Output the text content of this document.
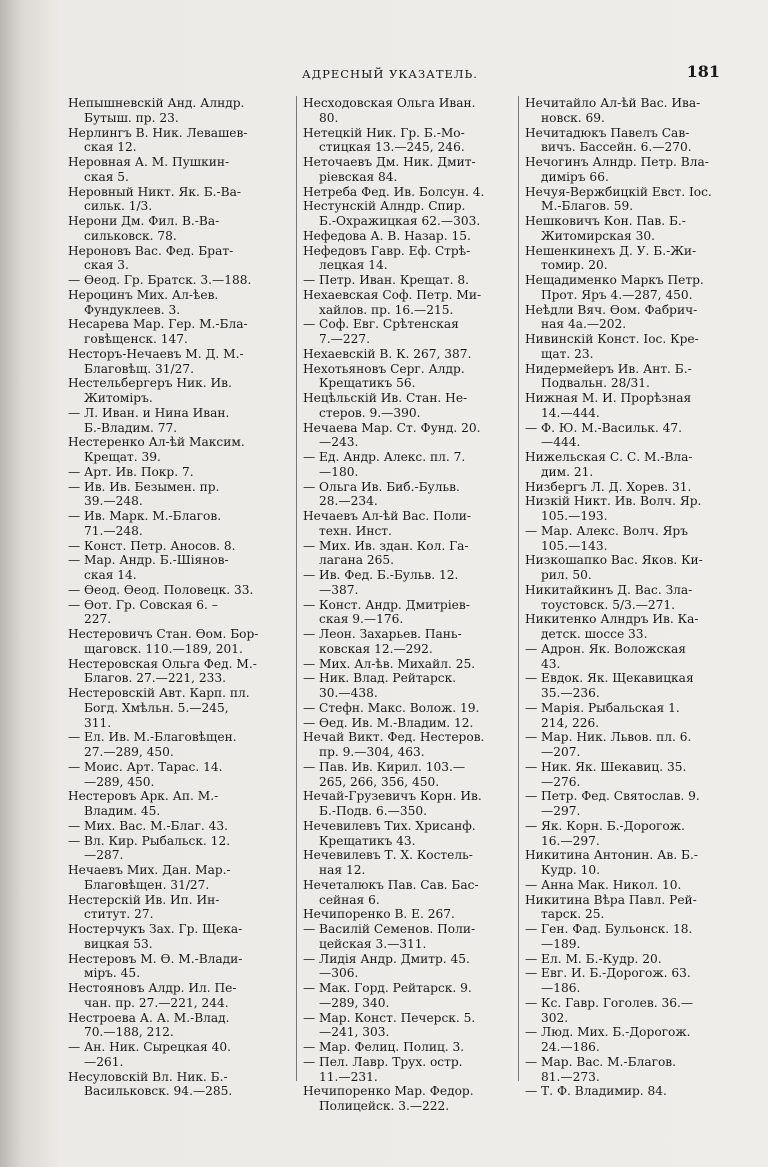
АДРЕСНЫЙ УКАЗАТЕЛЬ.	181
Непышневскій Анд. Алндр.
Бутыш. пр. 23.
Нерлингъ В. Ник. Левашев-
ская 12.
Неровная А. М. Пушкин-
ская 5.
Неровный Никт. Як. Б.-Ва-
сильк. 1/3.
Нерони Дм. Фил. В.-Ва-
сильковск. 78.
Нероновъ Вас. Фед. Брат-
ская 3.
— Өеод. Гр. Братск. 3.—188.
Нероцинъ Мих. Ал-ѣев.
Фундуклеев. 3.
Несарева Мар. Гер. М.-Бла-
говѣщенск. 147.
Несторъ-Нечаевъ М. Д. М.-
Благовѣщ. 31/27.
Нестельбергеръ Ник. Ив.
Житоміръ.
— Л. Иван. и Нина Иван.
Б.-Владим. 77.
Нестеренко Ал-ѣй Максим.
Крещат. 39.
— Арт. Ив. Покр. 7.
— Ив. Ив. Безымен. пр.
39.—248.
— Ив. Марк. М.-Благов.
71.—248.
— Конст. Петр. Аносов. 8.
— Мар. Андр. Б.-Шіянов-
ская 14.
— Өеод. Өеод. Половецк. 33.
— Өот. Гр. Совская 6. –
227.
Нестеровичъ Стан. Өом. Бор-
щаговск. 110.—189, 201.
Нестеровская Ольга Фед. М.-
Благов. 27.—221, 233.
Нестеровскій Авт. Карп. пл.
Богд. Хмѣльн. 5.—245,
311.
— Ел. Ив. М.-Благовѣщен.
27.—289, 450.
— Моис. Арт. Тарас. 14.
—289, 450.
Нестеровъ Арк. Ап. М.-
Владим. 45.
— Мих. Вас. М.-Благ. 43.
— Вл. Кир. Рыбальск. 12.
—287.
Нечаевъ Мих. Дан. Мар.-
Благовѣщен. 31/27.
Нестерскій Ив. Ип. Ин-
ститут. 27.
Ностерчукъ Зах. Гр. Щека-
вицкая 53.
Нестеровъ М. Ө. М.-Влади-
міръ. 45.
Нестояновъ Алдр. Ил. Пе-
чан. пр. 27.—221, 244.
Нестроева А. А. М.-Влад.
70.—188, 212.
— Ан. Ник. Сырецкая 40.
—261.
Несуловскій Вл. Ник. Б.-
Васильковск. 94.—285.
Несходовская Ольга Иван.
80.
Нетецкій Ник. Гр. Б.-Мо-
стицкая 13.—245, 246.
Неточаевъ Дм. Ник. Дмит-
ріевская 84.
Нетреба Фед. Ив. Болсун. 4.
Нестунскій Алндр. Спир.
Б.-Охражицкая 62.—303.
Нефедова А. В. Назар. 15.
Нефедовъ Гавр. Еф. Стрѣ-
лецкая 14.
— Петр. Иван. Крещат. 8.
Нехаевская Соф. Петр. Ми-
хайлов. пр. 16.—215.
— Соф. Евг. Срѣтенская
7.—227.
Нехаевскій В. К. 267, 387.
Нехотьяновъ Серг. Алдр.
Крещатикъ 56.
Нецѣльскій Ив. Стан. Не-
стеров. 9.—390.
Нечаева Мар. Ст. Фунд. 20.
—243.
— Ед. Андр. Алекс. пл. 7.
—180.
— Ольга Ив. Биб.-Бульв.
28.—234.
Нечаевъ Ал-ѣй Вас. Поли-
техн. Инст.
— Мих. Ив. здан. Кол. Га-
лагана 265.
— Ив. Фед. Б.-Бульв. 12.
—387.
— Конст. Андр. Дмитріев-
ская 9.—176.
— Леон. Захарьев. Пань-
ковская 12.—292.
— Мих. Ал-ѣв. Михайл. 25.
— Ник. Влад. Рейтарск.
30.—438.
— Стефн. Макс. Волож. 19.
— Өед. Ив. М.-Владим. 12.
Нечай Викт. Фед. Нестеров.
пр. 9.—304, 463.
— Пав. Ив. Кирил. 103.—
265, 266, 356, 450.
Нечай-Грузевичъ Корн. Ив.
Б.-Подв. 6.—350.
Нечевилевъ Тих. Хрисанф.
Крещатикъ 43.
Нечевилевъ Т. Х. Костель-
ная 12.
Нечеталюкъ Пав. Сав. Бас-
сейная 6.
Нечипоренко В. Е. 267.
— Василій Семенов. Поли-
цейская 3.—311.
— Лидія Андр. Дмитр. 45.
—306.
— Мак. Горд. Рейтарск. 9.
—289, 340.
— Мар. Конст. Печерск. 5.
—241, 303.
— Мар. Фелиц. Полиц. 3.
— Пел. Лавр. Трух. остр.
11.—231.
Нечипоренко Мар. Федор.
Полицейск. 3.—222.
Нечитайло Ал-ѣй Вас. Ива-
новск. 69.
Нечитадюкъ Павелъ Сав-
вичъ. Бассейн. 6.—270.
Нечогинъ Алндр. Петр. Вла-
диміръ 66.
Нечуя-Вержбицкій Евст. Іос.
М.-Благов. 59.
Нешковичъ Кон. Пав. Б.-
Житомирская 30.
Нешенкинехъ Д. У. Б.-Жи-
томир. 20.
Нещадименко Маркъ Петр.
Прот. Яръ 4.—287, 450.
Неѣдли Вяч. Өом. Фабрич-
ная 4а.—202.
Нивинскій Конст. Іос. Кре-
щат. 23.
Нидермейеръ Ив. Ант. Б.-
Подвальн. 28/31.
Нижная М. И. Прорѣзная
14.—444.
— Ф. Ю. М.-Васильк. 47.
—444.
Нижельская С. С. М.-Вла-
дим. 21.
Низбергъ Л. Д. Хорев. 31.
Низкій Никт. Ив. Волч. Яр.
105.—193.
— Мар. Алекс. Волч. Яръ
105.—143.
Низкошапко Вас. Яков. Ки-
рил. 50.
Никитайкинъ Д. Вас. Зла-
тоустовск. 5/3.—271.
Никитенко Алндръ Ив. Ка-
детск. шоссе 33.
— Адрон. Як. Воложская
43.
— Евдок. Як. Щекавицкая
35.—236.
— Марія. Рыбальская 1.
214, 226.
— Мар. Ник. Львов. пл. 6.
—207.
— Ник. Як. Шекавиц. 35.
—276.
— Петр. Фед. Святослав. 9.
—297.
— Як. Корн. Б.-Дорогож.
16.—297.
Никитина Антонин. Ав. Б.-
Кудр. 10.
— Анна Мак. Никол. 10.
Никитина Вѣра Павл. Рей-
тарск. 25.
— Ген. Фад. Бульонск. 18.
—189.
— Ел. М. Б.-Кудр. 20.
— Евг. И. Б.-Дорогож. 63.
—186.
— Кс. Гавр. Гоголев. 36.—
302.
— Люд. Мих. Б.-Дорогож.
24.—186.
— Мар. Вас. М.-Благов.
81.—273.
— Т. Ф. Владимир. 84.
